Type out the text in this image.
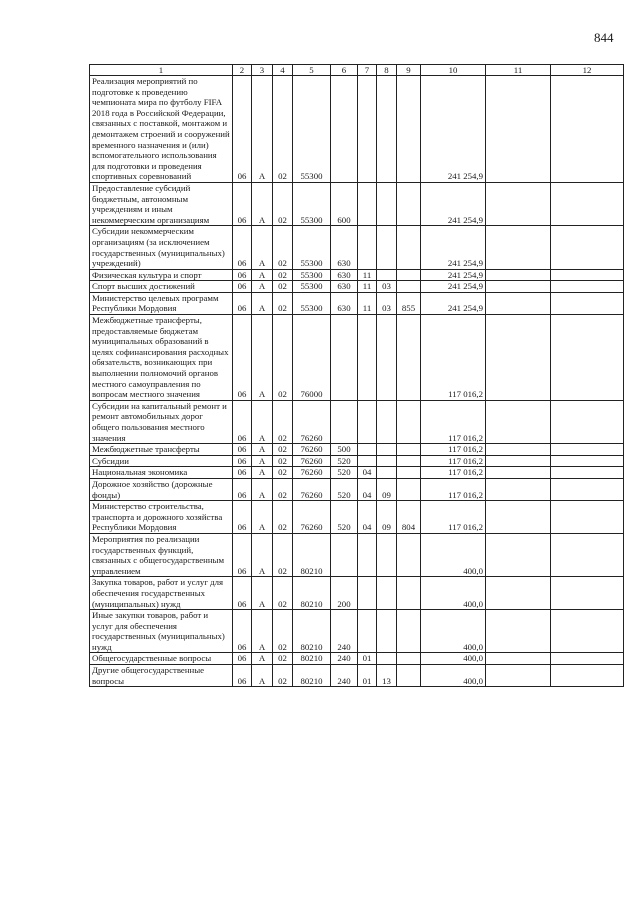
844
1	2	3	4	5	6	7	8	9	10	11	12
Реализация мероприятий по подготовке к проведению чемпионата мира по футболу FIFA 2018 года в Российской Федерации, связанных с поставкой, монтажом и демонтажем строений и сооружений временного назначения и (или) вспомогательного использования для подготовки и проведения спортивных соревнований	06	А	02	55300					241 254,9		
Предоставление субсидий бюджетным, автономным учреждениям и иным некоммерческим организациям	06	А	02	55300	600				241 254,9		
Субсидии некоммерческим организациям (за исключением государственных (муниципальных) учреждений)	06	А	02	55300	630				241 254,9		
Физическая культура и спорт	06	А	02	55300	630	11			241 254,9		
Спорт высших достижений	06	А	02	55300	630	11	03		241 254,9		
Министерство целевых программ Республики Мордовия	06	А	02	55300	630	11	03	855	241 254,9		
Межбюджетные трансферты, предоставляемые бюджетам муниципальных образований в целях софинансирования расходных обязательств, возникающих при выполнении полномочий органов местного самоуправления по вопросам местного значения	06	А	02	76000					117 016,2		
Субсидии на капитальный ремонт и ремонт автомобильных дорог общего пользования местного значения	06	А	02	76260					117 016,2		
Межбюджетные трансферты	06	А	02	76260	500				117 016,2		
Субсидии	06	А	02	76260	520				117 016,2		
Национальная экономика	06	А	02	76260	520	04			117 016,2		
Дорожное хозяйство (дорожные фонды)	06	А	02	76260	520	04	09		117 016,2		
Министерство строительства, транспорта и дорожного хозяйства Республики Мордовия	06	А	02	76260	520	04	09	804	117 016,2		
Мероприятия по реализации государственных функций, связанных с общегосударственным управлением	06	А	02	80210					400,0		
Закупка товаров, работ и услуг для обеспечения государственных (муниципальных) нужд	06	А	02	80210	200				400,0		
Иные закупки товаров, работ и услуг для обеспечения государственных (муниципальных) нужд	06	А	02	80210	240				400,0		
Общегосударственные вопросы	06	А	02	80210	240	01			400,0		
Другие общегосударственные вопросы	06	А	02	80210	240	01	13		400,0		
